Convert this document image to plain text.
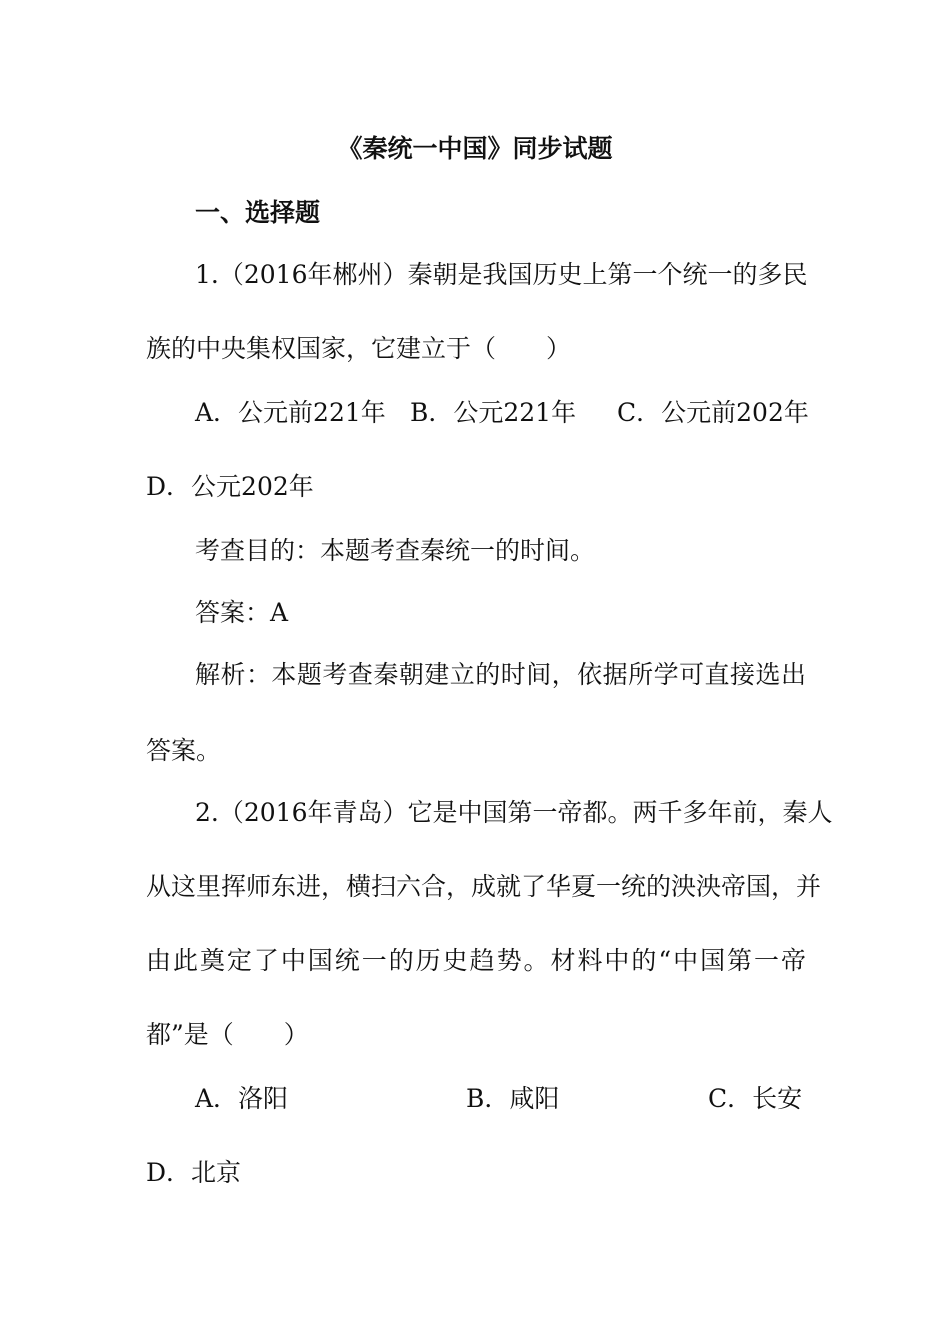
《秦统一中国》同步试题
一、选择题
1.（2016年郴州）秦朝是我国历史上第一个统一的多民
族的中央集权国家，它建立于（　　）
A．公元前221年 B．公元221年 C．公元前202年
D．公元202年
考查目的：本题考查秦统一的时间。
答案：A
解析：本题考查秦朝建立的时间，依据所学可直接选出
答案。
2.（2016年青岛）它是中国第一帝都。两千多年前，秦人
从这里挥师东进，横扫六合，成就了华夏一统的泱泱帝国，并
由此奠定了中国统一的历史趋势。材料中的“中国第一帝
都”是（　　）
A．洛阳	B．咸阳	C．长安
D．北京
